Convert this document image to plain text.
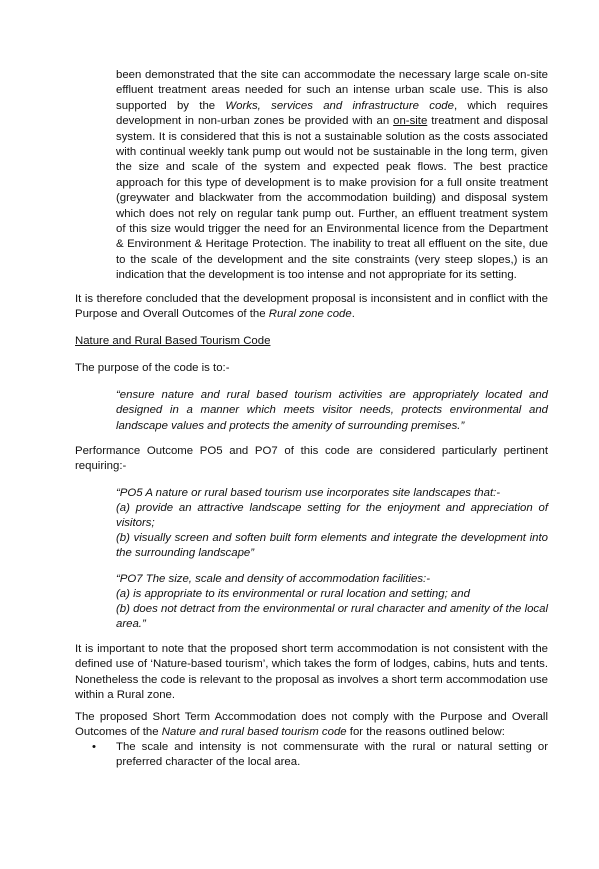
been demonstrated that the site can accommodate the necessary large scale on-site effluent treatment areas needed for such an intense urban scale use. This is also supported by the Works, services and infrastructure code, which requires development in non-urban zones be provided with an on-site treatment and disposal system. It is considered that this is not a sustainable solution as the costs associated with continual weekly tank pump out would not be sustainable in the long term, given the size and scale of the system and expected peak flows. The best practice approach for this type of development is to make provision for a full onsite treatment (greywater and blackwater from the accommodation building) and disposal system which does not rely on regular tank pump out. Further, an effluent treatment system of this size would trigger the need for an Environmental licence from the Department & Environment & Heritage Protection. The inability to treat all effluent on the site, due to the scale of the development and the site constraints (very steep slopes,) is an indication that the development is too intense and not appropriate for its setting.

It is therefore concluded that the development proposal is inconsistent and in conflict with the Purpose and Overall Outcomes of the Rural zone code.

Nature and Rural Based Tourism Code

The purpose of the code is to:-

“ensure nature and rural based tourism activities are appropriately located and designed in a manner which meets visitor needs, protects environmental and landscape values and protects the amenity of surrounding premises.”

Performance Outcome PO5 and PO7 of this code are considered particularly pertinent requiring:-

“PO5 A nature or rural based tourism use incorporates site landscapes that:-

(a) provide an attractive landscape setting for the enjoyment and appreciation of visitors;

(b) visually screen and soften built form elements and integrate the development into the surrounding landscape”

“PO7 The size, scale and density of accommodation facilities:-

(a) is appropriate to its environmental or rural location and setting; and

(b) does not detract from the environmental or rural character and amenity of the local area.”

It is important to note that the proposed short term accommodation is not consistent with the defined use of ‘Nature-based tourism’, which takes the form of lodges, cabins, huts and tents. Nonetheless the code is relevant to the proposal as involves a short term accommodation use within a Rural zone.

The proposed Short Term Accommodation does not comply with the Purpose and Overall Outcomes of the Nature and rural based tourism code for the reasons outlined below:

• The scale and intensity is not commensurate with the rural or natural setting or preferred character of the local area.
